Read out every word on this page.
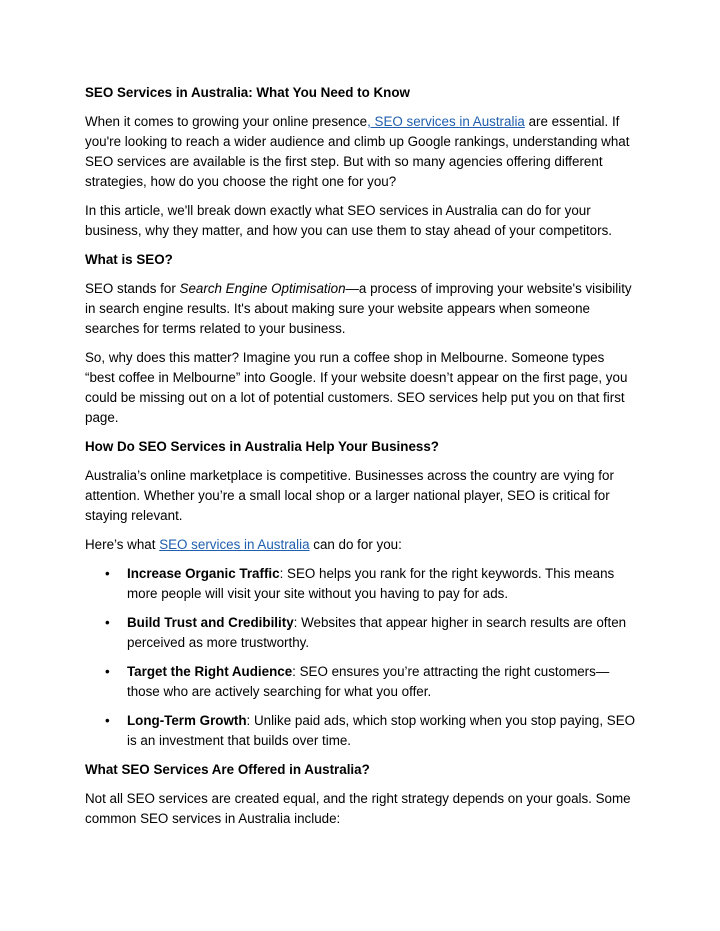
SEO Services in Australia: What You Need to Know

When it comes to growing your online presence, SEO services in Australia are essential. If you're looking to reach a wider audience and climb up Google rankings, understanding what SEO services are available is the first step. But with so many agencies offering different strategies, how do you choose the right one for you?

In this article, we'll break down exactly what SEO services in Australia can do for your business, why they matter, and how you can use them to stay ahead of your competitors.

What is SEO?

SEO stands for Search Engine Optimisation—a process of improving your website's visibility in search engine results. It's about making sure your website appears when someone searches for terms related to your business.

So, why does this matter? Imagine you run a coffee shop in Melbourne. Someone types “best coffee in Melbourne” into Google. If your website doesn’t appear on the first page, you could be missing out on a lot of potential customers. SEO services help put you on that first page.

How Do SEO Services in Australia Help Your Business?

Australia’s online marketplace is competitive. Businesses across the country are vying for attention. Whether you’re a small local shop or a larger national player, SEO is critical for staying relevant.

Here’s what SEO services in Australia can do for you:

• Increase Organic Traffic: SEO helps you rank for the right keywords. This means more people will visit your site without you having to pay for ads.
• Build Trust and Credibility: Websites that appear higher in search results are often perceived as more trustworthy.
• Target the Right Audience: SEO ensures you’re attracting the right customers—those who are actively searching for what you offer.
• Long-Term Growth: Unlike paid ads, which stop working when you stop paying, SEO is an investment that builds over time.
What SEO Services Are Offered in Australia?

Not all SEO services are created equal, and the right strategy depends on your goals. Some common SEO services in Australia include:
